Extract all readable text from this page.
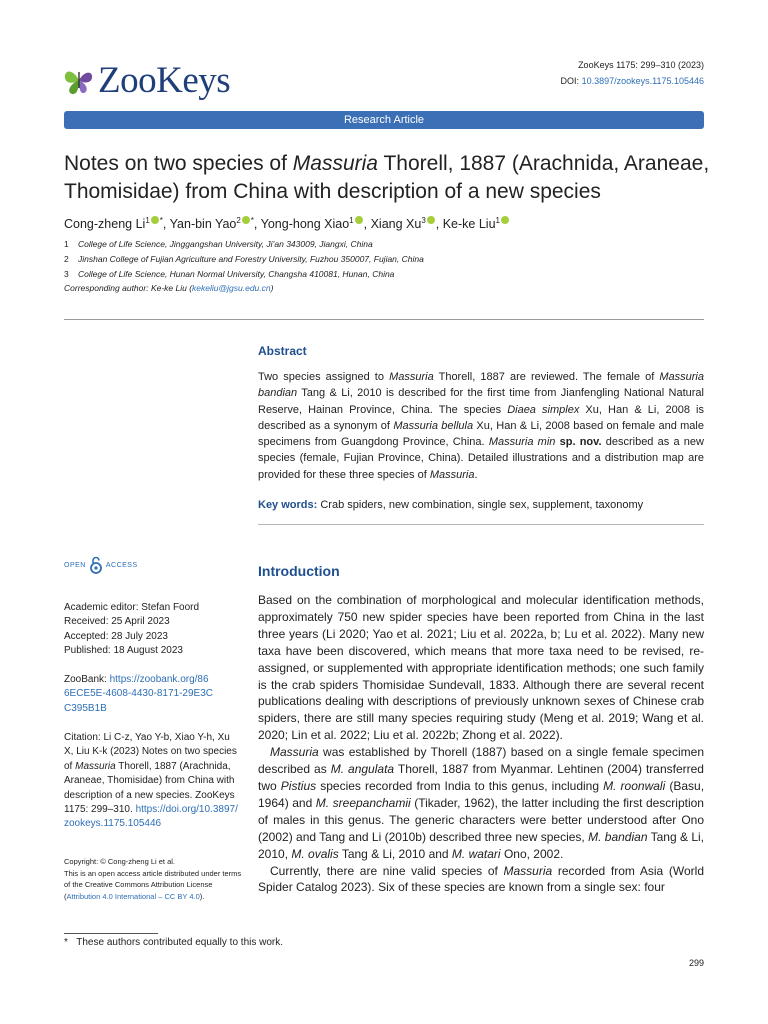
ZooKeys	ZooKeys 1175: 299–310 (2023)
DOI: 10.3897/zookeys.1175.105446
Research Article
Notes on two species of Massuria Thorell, 1887 (Arachnida, Araneae, Thomisidae) from China with description of a new species
Cong-zheng Li$^1$ *, Yan-bin Yao$^2$ *, Yong-hong Xiao$^1$ , Xiang Xu$^3$ , Ke-ke Liu$^1$
1 College of Life Science, Jinggangshan University, Ji’an 343009, Jiangxi, China
2 Jinshan College of Fujian Agriculture and Forestry University, Fuzhou 350007, Fujian, China
3 College of Life Science, Hunan Normal University, Changsha 410081, Hunan, China
Corresponding author: Ke-ke Liu (kekeliu@jgsu.edu.cn)
Abstract
Two species assigned to Massuria Thorell, 1887 are reviewed. The female of Massuria bandian Tang & Li, 2010 is described for the first time from Jianfengling National Natural Reserve, Hainan Province, China. The species Diaea simplex Xu, Han & Li, 2008 is described as a synonym of Massuria bellula Xu, Han & Li, 2008 based on female and male specimens from Guangdong Province, China. Massuria min sp. nov. described as a new species (female, Fujian Province, China). Detailed illustrations and a distribution map are provided for these three species of Massuria.
Key words: Crab spiders, new combination, single sex, supplement, taxonomy
OPEN	ACCESS
Academic editor: Stefan Foord
Received: 25 April 2023
Accepted: 28 July 2023
Published: 18 August 2023
ZooBank: https://zoobank.org/866ECE5E-4608-4430-8171-29E3CC395B1B
Citation: Li C-z, Yao Y-b, Xiao Y-h, Xu X, Liu K-k (2023) Notes on two species of Massuria Thorell, 1887 (Arachnida, Araneae, Thomisidae) from China with description of a new species. ZooKeys 1175: 299–310. https://doi.org/10.3897/zookeys.1175.105446
Copyright: © Cong-zheng Li et al.
This is an open access article distributed under terms of the Creative Commons Attribution License (Attribution 4.0 International – CC BY 4.0).
Introduction

Based on the combination of morphological and molecular identification methods, approximately 750 new spider species have been reported from China in the last three years (Li 2020; Yao et al. 2021; Liu et al. 2022a, b; Lu et al. 2022). Many new taxa have been discovered, which means that more taxa need to be revised, re-assigned, or supplemented with appropriate identification methods; one such family is the crab spiders Thomisidae Sundevall, 1833. Although there are several recent publications dealing with descriptions of previously unknown sexes of Chinese crab spiders, there are still many species requiring study (Meng et al. 2019; Wang et al. 2020; Lin et al. 2022; Liu et al. 2022b; Zhong et al. 2022).

Massuria was established by Thorell (1887) based on a single female specimen described as M. angulata Thorell, 1887 from Myanmar. Lehtinen (2004) transferred two Pistius species recorded from India to this genus, including M. roonwali (Basu, 1964) and M. sreepanchamii (Tikader, 1962), the latter including the first description of males in this genus. The generic characters were better understood after Ono (2002) and Tang and Li (2010b) described three new species, M. bandian Tang & Li, 2010, M. ovalis Tang & Li, 2010 and M. watari Ono, 2002.

Currently, there are nine valid species of Massuria recorded from Asia (World Spider Catalog 2023). Six of these species are known from a single sex: four

* These authors contributed equally to this work.
299
